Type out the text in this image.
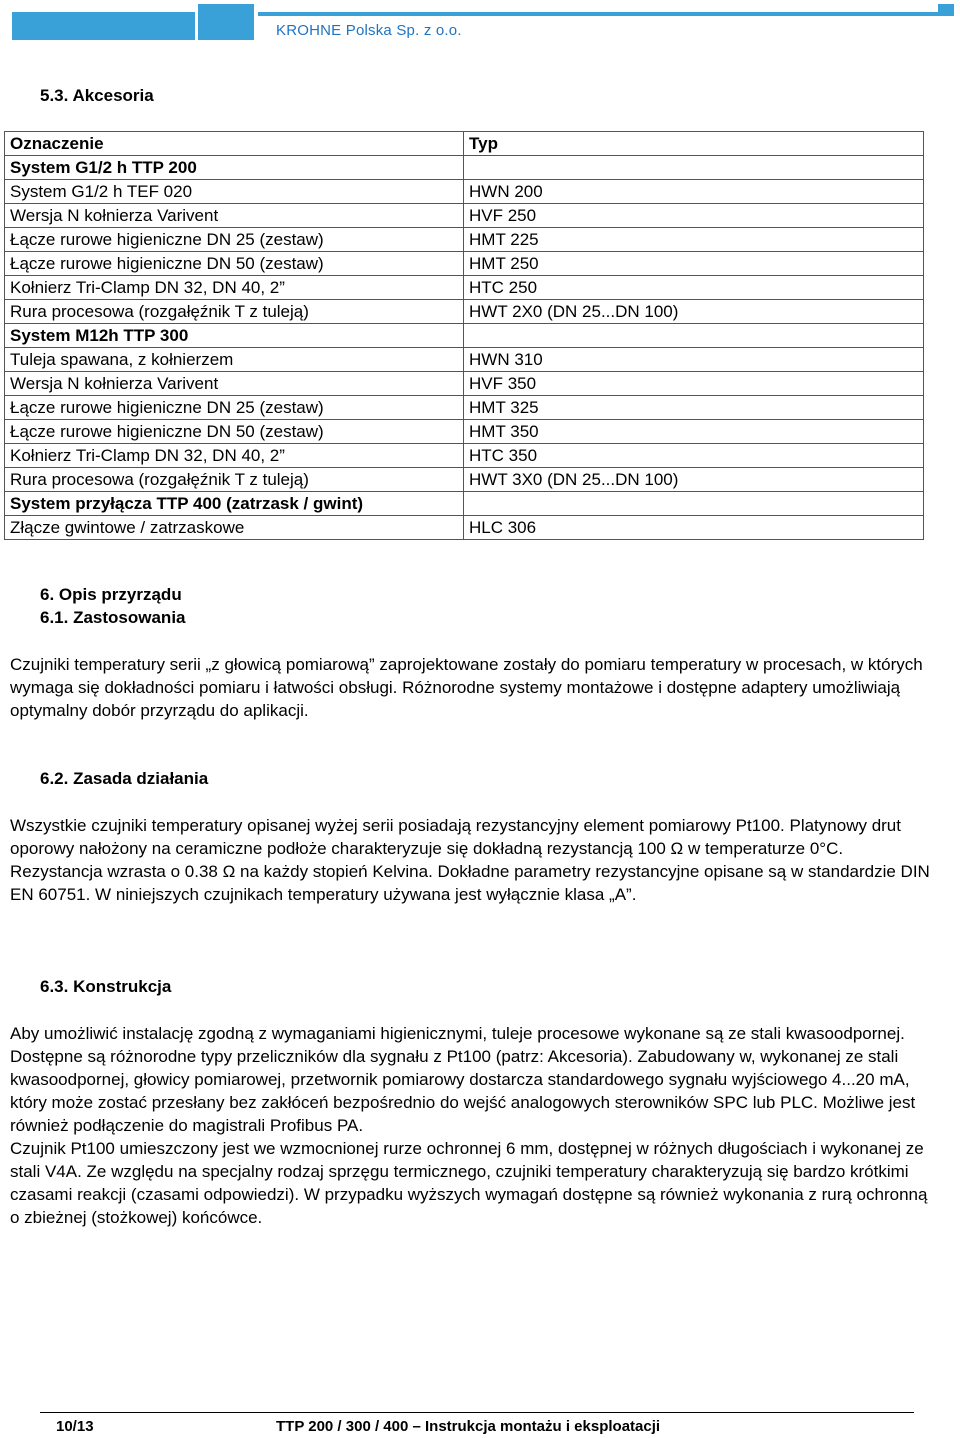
KROHNE Polska Sp. z o.o.
5.3. Akcesoria
Oznaczenie	Typ
System G1/2 h TTP 200	
System G1/2 h TEF 020	HWN 200
Wersja N kołnierza Varivent	HVF 250
Łącze rurowe higieniczne DN 25 (zestaw)	HMT 225
Łącze rurowe higieniczne DN 50 (zestaw)	HMT 250
Kołnierz Tri-Clamp DN 32, DN 40, 2”	HTC 250
Rura procesowa (rozgałęźnik T z tuleją)	HWT 2X0 (DN 25...DN 100)
System M12h TTP 300	
Tuleja spawana, z kołnierzem	HWN 310
Wersja N kołnierza Varivent	HVF 350
Łącze rurowe higieniczne DN 25 (zestaw)	HMT 325
Łącze rurowe higieniczne DN 50 (zestaw)	HMT 350
Kołnierz Tri-Clamp DN 32, DN 40, 2”	HTC 350
Rura procesowa (rozgałęźnik T z tuleją)	HWT 3X0 (DN 25...DN 100)
System przyłącza TTP 400 (zatrzask / gwint)	
Złącze gwintowe / zatrzaskowe	HLC 306
6. Opis przyrządu
6.1. Zastosowania

Czujniki temperatury serii „z głowicą pomiarową” zaprojektowane zostały do pomiaru temperatury w procesach, w których wymaga się dokładności pomiaru i łatwości obsługi. Różnorodne systemy montażowe i dostępne adaptery umożliwiają optymalny dobór przyrządu do aplikacji.

6.2. Zasada działania

Wszystkie czujniki temperatury opisanej wyżej serii posiadają rezystancyjny element pomiarowy Pt100. Platynowy drut oporowy nałożony na ceramiczne podłoże charakteryzuje się dokładną rezystancją 100 Ω w temperaturze 0°C. Rezystancja wzrasta o 0.38 Ω na każdy stopień Kelvina. Dokładne parametry rezystancyjne opisane są w standardzie DIN EN 60751. W niniejszych czujnikach temperatury używana jest wyłącznie klasa „A”.

6.3. Konstrukcja

Aby umożliwić instalację zgodną z wymaganiami higienicznymi, tuleje procesowe wykonane są ze stali kwasoodpornej. Dostępne są różnorodne typy przeliczników dla sygnału z Pt100 (patrz: Akcesoria). Zabudowany w, wykonanej ze stali kwasoodpornej, głowicy pomiarowej, przetwornik pomiarowy dostarcza standardowego sygnału wyjściowego 4...20 mA, który może zostać przesłany bez zakłóceń bezpośrednio do wejść analogowych sterowników SPC lub PLC. Możliwe jest również podłączenie do magistrali Profibus PA.
Czujnik Pt100 umieszczony jest we wzmocnionej rurze ochronnej 6 mm, dostępnej w różnych długościach i wykonanej ze stali V4A. Ze względu na specjalny rodzaj sprzęgu termicznego, czujniki temperatury charakteryzują się bardzo krótkimi czasami reakcji (czasami odpowiedzi). W przypadku wyższych wymagań dostępne są również wykonania z rurą ochronną o zbieżnej (stożkowej) końcówce.

10/13	TTP 200 / 300 / 400 – Instrukcja montażu i eksploatacji
